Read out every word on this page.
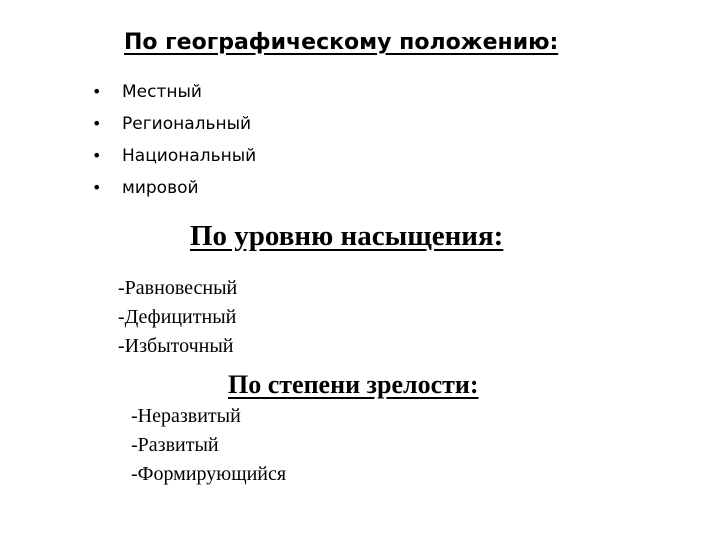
По географическому положению:
• Местный
• Региональный
• Национальный
• мировой
По уровню насыщения:
-Равновесный
-Дефицитный
-Избыточный
По степени зрелости:
-Неразвитый
-Развитый
-Формирующийся
